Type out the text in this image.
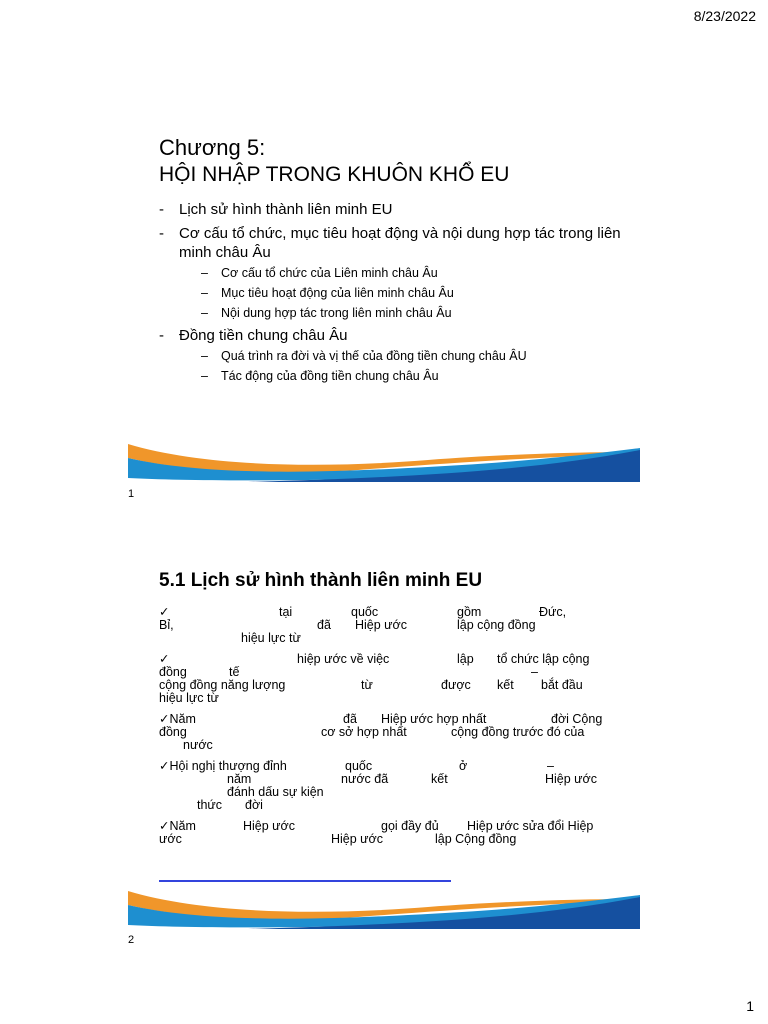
8/23/2022
Chương 5:
HỘI NHẬP TRONG KHUÔN KHỔ EU
- Lịch sử hình thành liên minh EU
- Cơ cấu tổ chức, mục tiêu hoạt động và nội dung hợp tác trong liên minh châu Âu
– Cơ cấu tổ chức của Liên minh châu Âu
– Mục tiêu hoạt động của liên minh châu Âu
– Nội dung hợp tác trong liên minh châu Âu
- Đồng tiền chung châu Âu
– Quá trình ra đời và vị thế của đồng tiền chung châu ÂU
– Tác động của đồng tiền chung châu Âu
1
5.1 Lịch sử hình thành liên minh EU
✓	tại	quốc	gồm	Đức,
Bỉ,	đã Hiệp ước	lập cộng đồng
hiệu lực từ
✓	hiệp ước về việc	lập tổ chức lập cộng
đồng	tế	–
cộng đồng năng lượng	từ	được kết bắt đầu
hiệu lực từ
✓Năm	đã Hiệp ước hợp nhất	đời Cộng
đồng	cơ sở hợp nhất	cộng đồng trước đó của
nước
✓Hội nghị thượng đỉnh	quốc	ở	–
năm	nước đã	kết	Hiệp ước
đánh dấu sự kiện
thức đời
✓Năm	Hiệp ước	gọi đầy đủ Hiệp ước sửa đổi Hiệp
ước	Hiệp ước	lập Cộng đồng
2
1
